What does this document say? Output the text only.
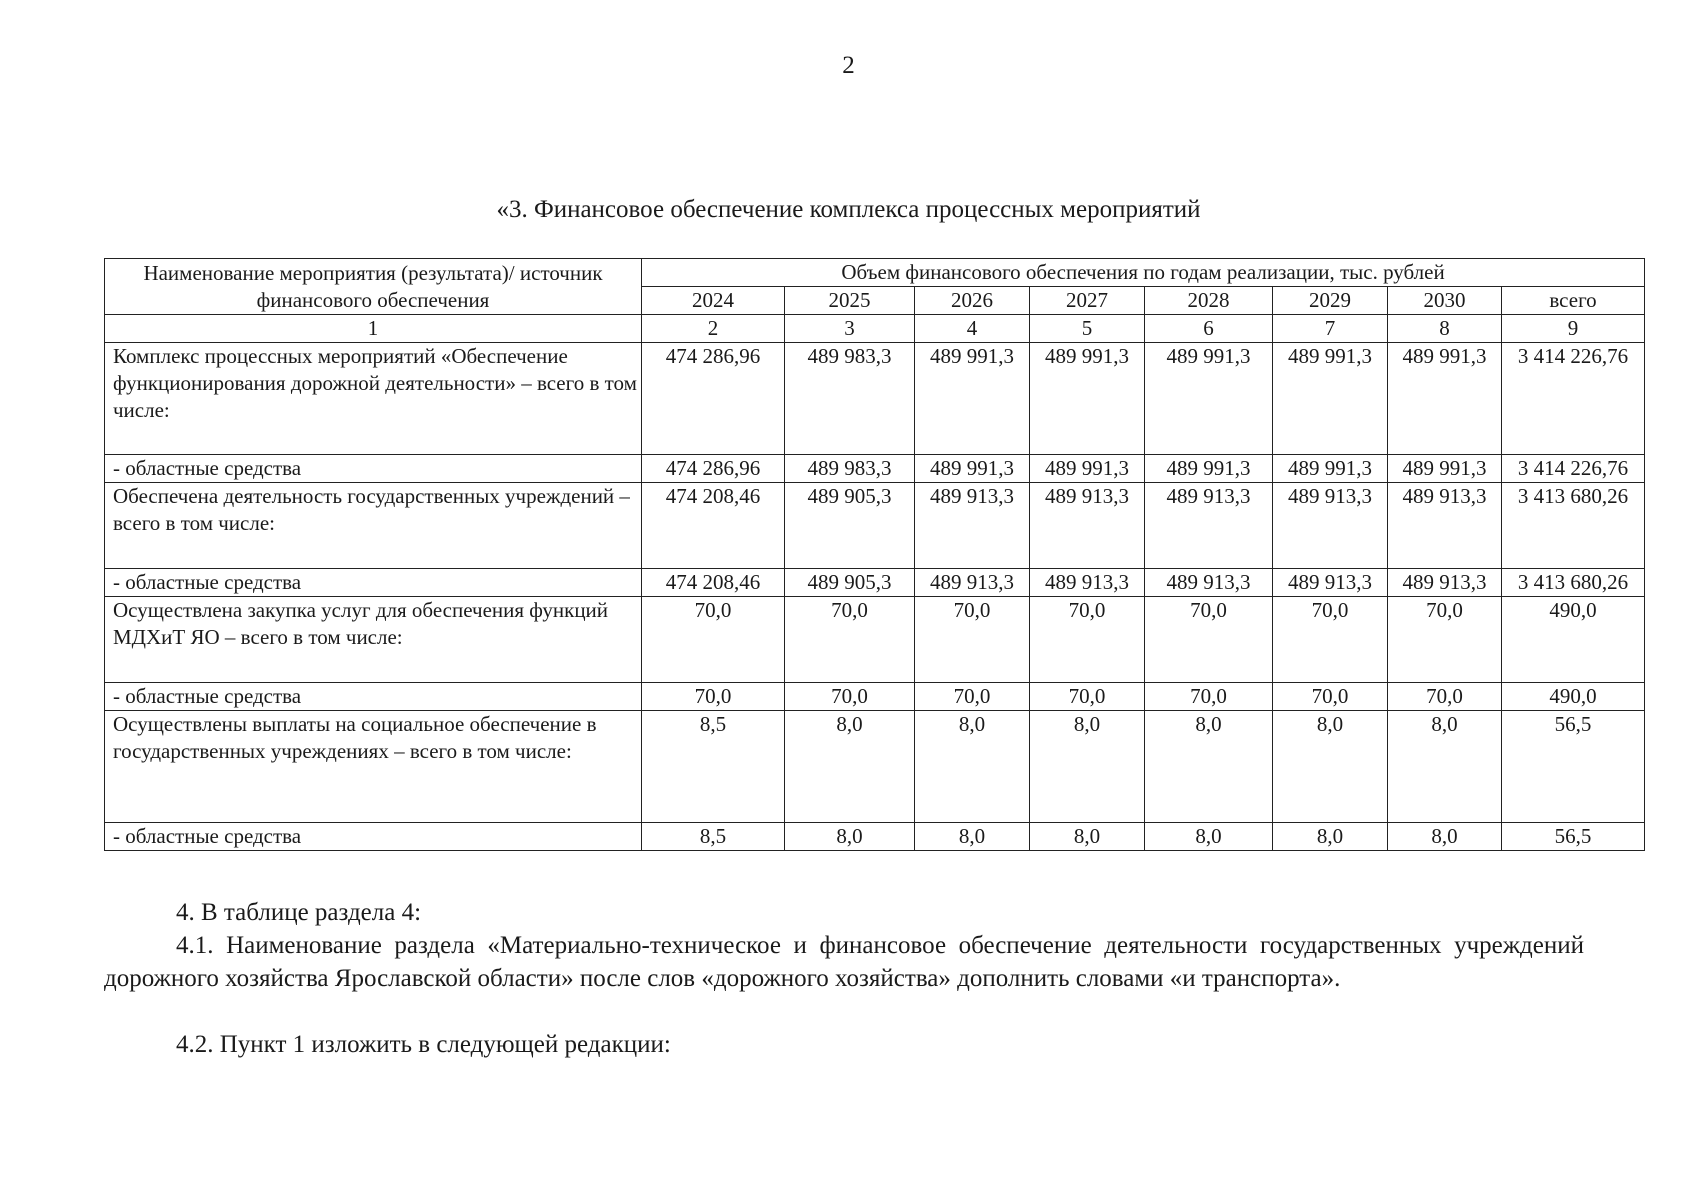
2
«3. Финансовое обеспечение комплекса процессных мероприятий
Наименование мероприятия (результата)/ источник финансового обеспечения	Объем финансового обеспечения по годам реализации, тыс. рублей							
	2024	2025	2026	2027	2028	2029	2030	всего
1	2	3	4	5	6	7	8	9
Комплекс процессных мероприятий «Обеспечение функционирования дорожной деятельности» – всего в том числе:	474 286,96	489 983,3	489 991,3	489 991,3	489 991,3	489 991,3	489 991,3	3 414 226,76
- областные средства	474 286,96	489 983,3	489 991,3	489 991,3	489 991,3	489 991,3	489 991,3	3 414 226,76
Обеспечена деятельность государственных учреждений – всего в том числе:	474 208,46	489 905,3	489 913,3	489 913,3	489 913,3	489 913,3	489 913,3	3 413 680,26
- областные средства	474 208,46	489 905,3	489 913,3	489 913,3	489 913,3	489 913,3	489 913,3	3 413 680,26
Осуществлена закупка услуг для обеспечения функций МДХиТ ЯО – всего в том числе:	70,0	70,0	70,0	70,0	70,0	70,0	70,0	490,0
- областные средства	70,0	70,0	70,0	70,0	70,0	70,0	70,0	490,0
Осуществлены выплаты на социальное обеспечение в государственных учреждениях – всего в том числе:	8,5	8,0	8,0	8,0	8,0	8,0	8,0	56,5
- областные средства	8,5	8,0	8,0	8,0	8,0	8,0	8,0	56,5
4. В таблице раздела 4:
4.1. Наименование раздела «Материально-техническое и финансовое обеспечение деятельности государственных учреждений дорожного хозяйства Ярославской области» после слов «дорожного хозяйства» дополнить словами «и транспорта».
4.2. Пункт 1 изложить в следующей редакции:
